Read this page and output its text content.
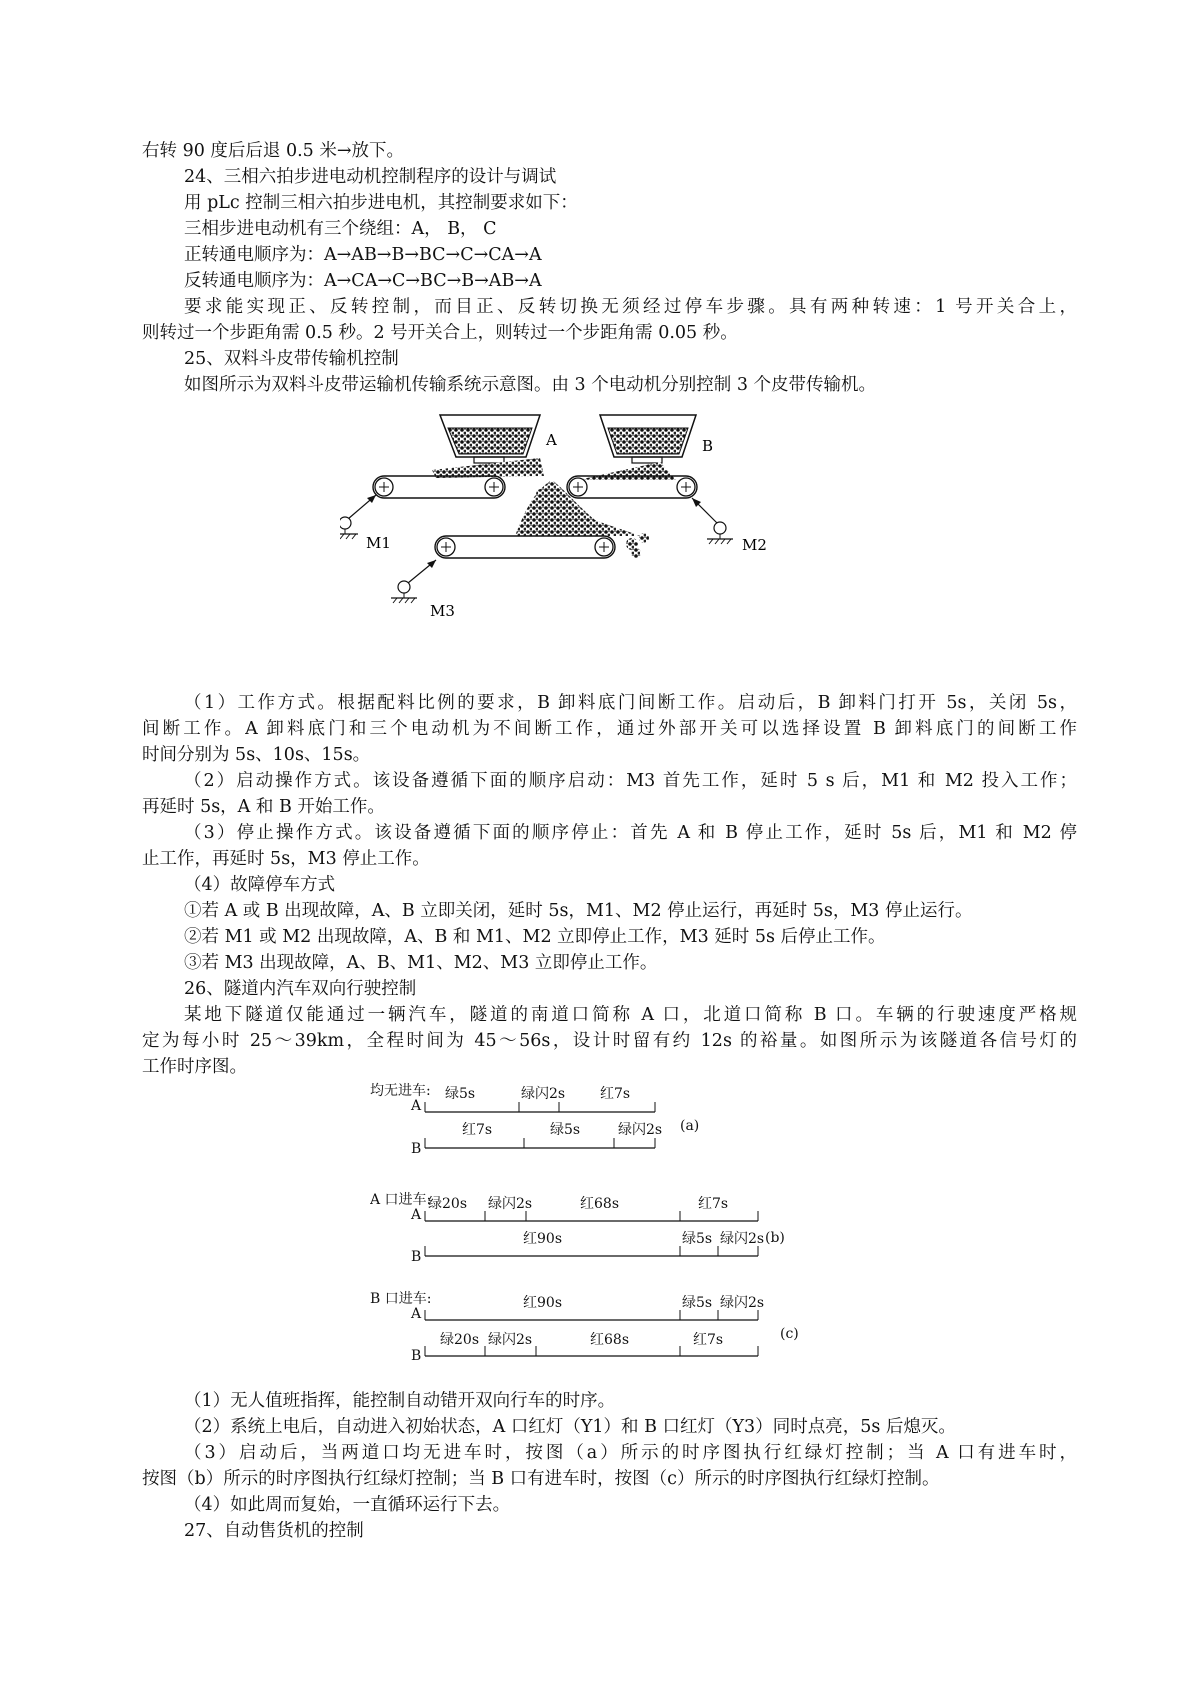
右转 90 度后后退 0.5 米→放下。
24、三相六拍步进电动机控制程序的设计与调试
用 pLc 控制三相六拍步进电机，其控制要求如下：
三相步进电动机有三个绕组：A， B， C
正转通电顺序为：A→AB→B→BC→C→CA→A
反转通电顺序为：A→CA→C→BC→B→AB→A
要求能实现正、反转控制，而目正、反转切换无须经过停车步骤。具有两种转速：1 号开关合上，
则转过一个步距角需 0.5 秒。2 号开关合上，则转过一个步距角需 0.05 秒。
25、双料斗皮带传输机控制
如图所示为双料斗皮带运输机传输系统示意图。由 3 个电动机分别控制 3 个皮带传输机。
A	B
M1	M2
M3
（1）工作方式。根据配料比例的要求，B 卸料底门间断工作。启动后，B 卸料门打开 5s，关闭 5s，
间断工作。A 卸料底门和三个电动机为不间断工作，通过外部开关可以选择设置 B 卸料底门的间断工作
时间分别为 5s、10s、15s。
（2）启动操作方式。该设备遵循下面的顺序启动：M3 首先工作，延时 5 s 后，M1 和 M2 投入工作；
再延时 5s，A 和 B 开始工作。
（3）停止操作方式。该设备遵循下面的顺序停止：首先 A 和 B 停止工作，延时 5s 后，M1 和 M2 停
止工作，再延时 5s，M3 停止工作。
（4）故障停车方式
①若 A 或 B 出现故障，A、B 立即关闭，延时 5s，M1、M2 停止运行，再延时 5s，M3 停止运行。
②若 M1 或 M2 出现故障，A、B 和 M1、M2 立即停止工作，M3 延时 5s 后停止工作。
③若 M3 出现故障，A、B、M1、M2、M3 立即停止工作。
26、隧道内汽车双向行驶控制
某地下隧道仅能通过一辆汽车，隧道的南道口简称 A 口，北道口简称 B 口。车辆的行驶速度严格规
定为每小时 25～39km，全程时间为 45～56s，设计时留有约 12s 的裕量。如图所示为该隧道各信号灯的
工作时序图。
均无进车:
A
绿5s	绿闪2s 红7s
B
红7s	绿5s	绿闪2s (a)
A 口进车:
A
绿20s 绿闪2s	红68s	红7s
B
红90s	绿5s 绿闪2s (b)
B 口进车:
A
红90s	绿5s 绿闪2s
B
绿20s 绿闪2s	红68s	红7s	(c)
（1）无人值班指挥，能控制自动错开双向行车的时序。
（2）系统上电后，自动进入初始状态，A 口红灯（Y1）和 B 口红灯（Y3）同时点亮，5s 后熄灭。
（3）启动后，当两道口均无进车时，按图（a）所示的时序图执行红绿灯控制；当 A 口有进车时，
按图（b）所示的时序图执行红绿灯控制；当 B 口有进车时，按图（c）所示的时序图执行红绿灯控制。
（4）如此周而复始，一直循环运行下去。
27、自动售货机的控制
